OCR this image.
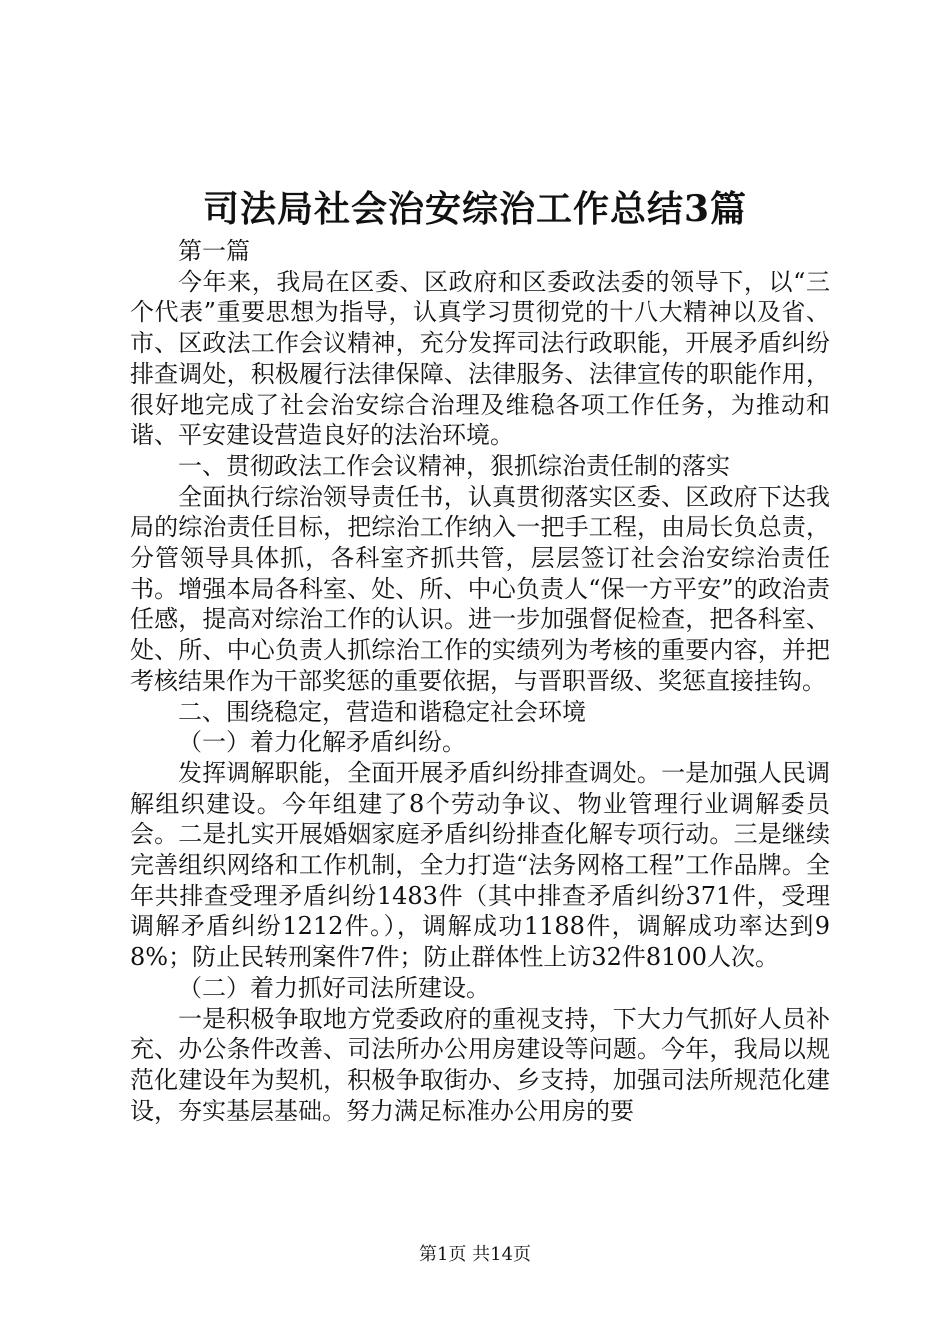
司法局社会治安综治工作总结3篇

第一篇

今年来，我局在区委、区政府和区委政法委的领导下，以“三个代表”重要思想为指导，认真学习贯彻党的十八大精神以及省、市、区政法工作会议精神，充分发挥司法行政职能，开展矛盾纠纷排查调处，积极履行法律保障、法律服务、法律宣传的职能作用，很好地完成了社会治安综合治理及维稳各项工作任务，为推动和谐、平安建设营造良好的法治环境。

一、贯彻政法工作会议精神，狠抓综治责任制的落实

全面执行综治领导责任书，认真贯彻落实区委、区政府下达我局的综治责任目标，把综治工作纳入一把手工程，由局长负总责，分管领导具体抓，各科室齐抓共管，层层签订社会治安综治责任书。增强本局各科室、处、所、中心负责人“保一方平安”的政治责任感，提高对综治工作的认识。进一步加强督促检查，把各科室、处、所、中心负责人抓综治工作的实绩列为考核的重要内容，并把考核结果作为干部奖惩的重要依据，与晋职晋级、奖惩直接挂钩。

二、围绕稳定，营造和谐稳定社会环境

（一）着力化解矛盾纠纷。

发挥调解职能，全面开展矛盾纠纷排查调处。一是加强人民调解组织建设。今年组建了8个劳动争议、物业管理行业调解委员会。二是扎实开展婚姻家庭矛盾纠纷排查化解专项行动。三是继续完善组织网络和工作机制，全力打造“法务网格工程”工作品牌。全年共排查受理矛盾纠纷1483件（其中排查矛盾纠纷371件，受理调解矛盾纠纷1212件。），调解成功1188件，调解成功率达到98%；防止民转刑案件7件；防止群体性上访32件8100人次。

（二）着力抓好司法所建设。

一是积极争取地方党委政府的重视支持，下大力气抓好人员补充、办公条件改善、司法所办公用房建设等问题。今年，我局以规范化建设年为契机，积极争取街办、乡支持，加强司法所规范化建设，夯实基层基础。努力满足标准办公用房的要

第1页 共14页
